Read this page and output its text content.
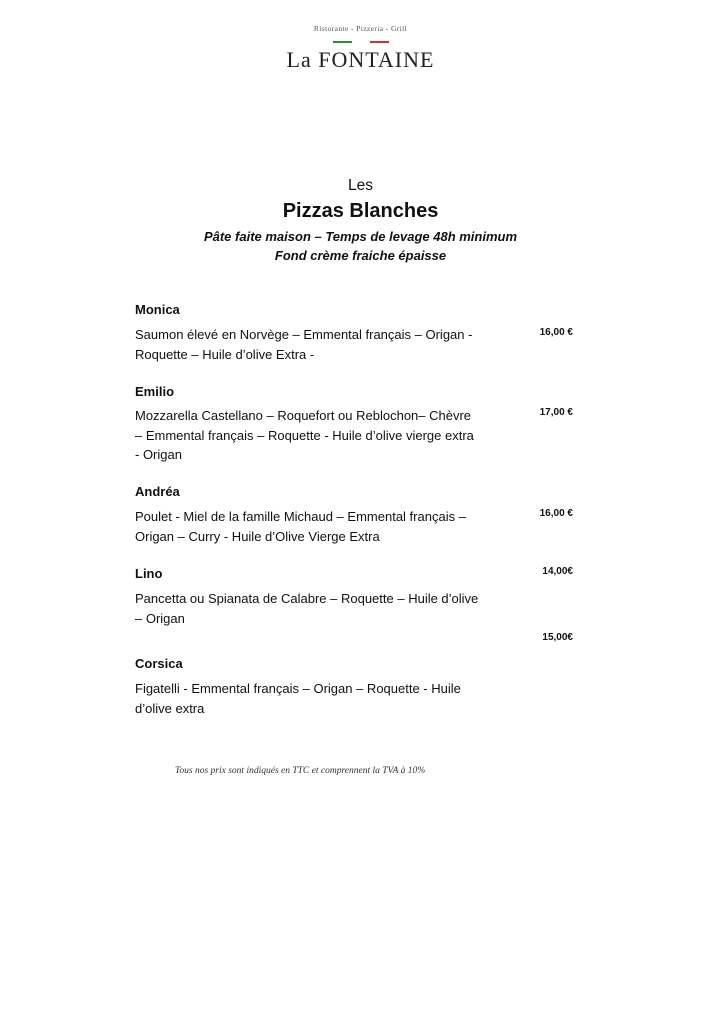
Ristorante - Pizzeria - Grill
La FONTAINE
Les
Pizzas Blanches
Pâte faite maison – Temps de levage 48h minimum
Fond crème fraiche épaisse
Monica
Saumon élevé en Norvège – Emmental français – Origan - Roquette – Huile d’olive Extra -
16,00 €
Emilio
Mozzarella Castellano – Roquefort ou Reblochon– Chèvre – Emmental français – Roquette - Huile d’olive vierge extra - Origan
17,00 €
Andréa
Poulet - Miel de la famille Michaud – Emmental français – Origan – Curry - Huile d’Olive Vierge Extra
16,00 €
Lino
Pancetta ou Spianata de Calabre – Roquette – Huile d’olive – Origan
14,00€
15,00€
Corsica
Figatelli - Emmental français – Origan – Roquette - Huile d’olive extra
Tous nos prix sont indiqués en TTC et comprennent la TVA à 10%
